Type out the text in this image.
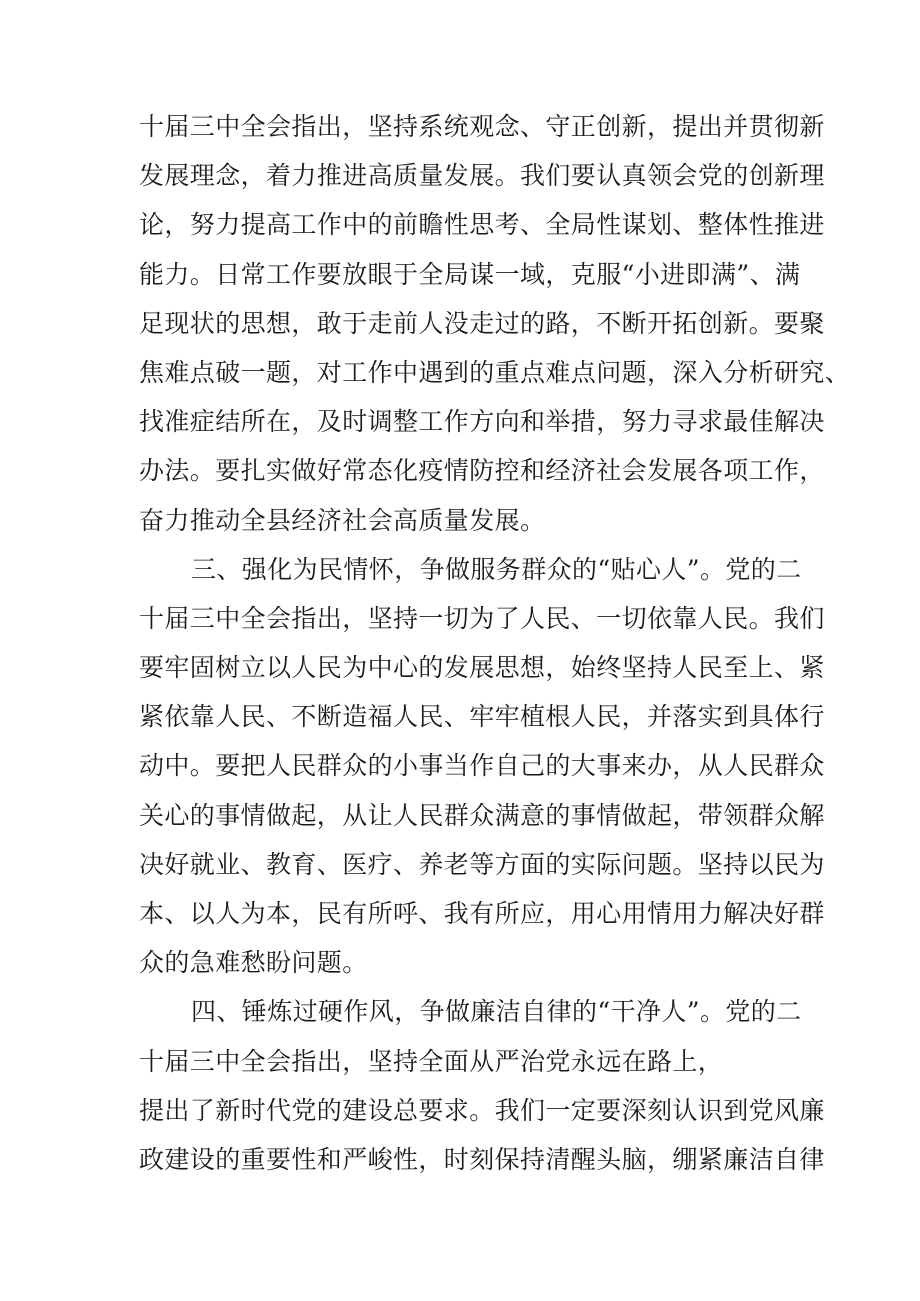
十届三中全会指出，坚持系统观念、守正创新，提出并贯彻新
发展理念，着力推进高质量发展。我们要认真领会党的创新理
论，努力提高工作中的前瞻性思考、全局性谋划、整体性推进
能力。日常工作要放眼于全局谋一域，克服“小进即满”、满
足现状的思想，敢于走前人没走过的路，不断开拓创新。要聚
焦难点破一题，对工作中遇到的重点难点问题，深入分析研究、
找准症结所在，及时调整工作方向和举措，努力寻求最佳解决
办法。要扎实做好常态化疫情防控和经济社会发展各项工作，
奋力推动全县经济社会高质量发展。
三、强化为民情怀，争做服务群众的“贴心人”。党的二
十届三中全会指出，坚持一切为了人民、一切依靠人民。我们
要牢固树立以人民为中心的发展思想，始终坚持人民至上、紧
紧依靠人民、不断造福人民、牢牢植根人民，并落实到具体行
动中。要把人民群众的小事当作自己的大事来办，从人民群众
关心的事情做起，从让人民群众满意的事情做起，带领群众解
决好就业、教育、医疗、养老等方面的实际问题。坚持以民为
本、以人为本，民有所呼、我有所应，用心用情用力解决好群
众的急难愁盼问题。
四、锤炼过硬作风，争做廉洁自律的“干净人”。党的二
十届三中全会指出，坚持全面从严治党永远在路上，
提出了新时代党的建设总要求。我们一定要深刻认识到党风廉
政建设的重要性和严峻性，时刻保持清醒头脑，绷紧廉洁自律
